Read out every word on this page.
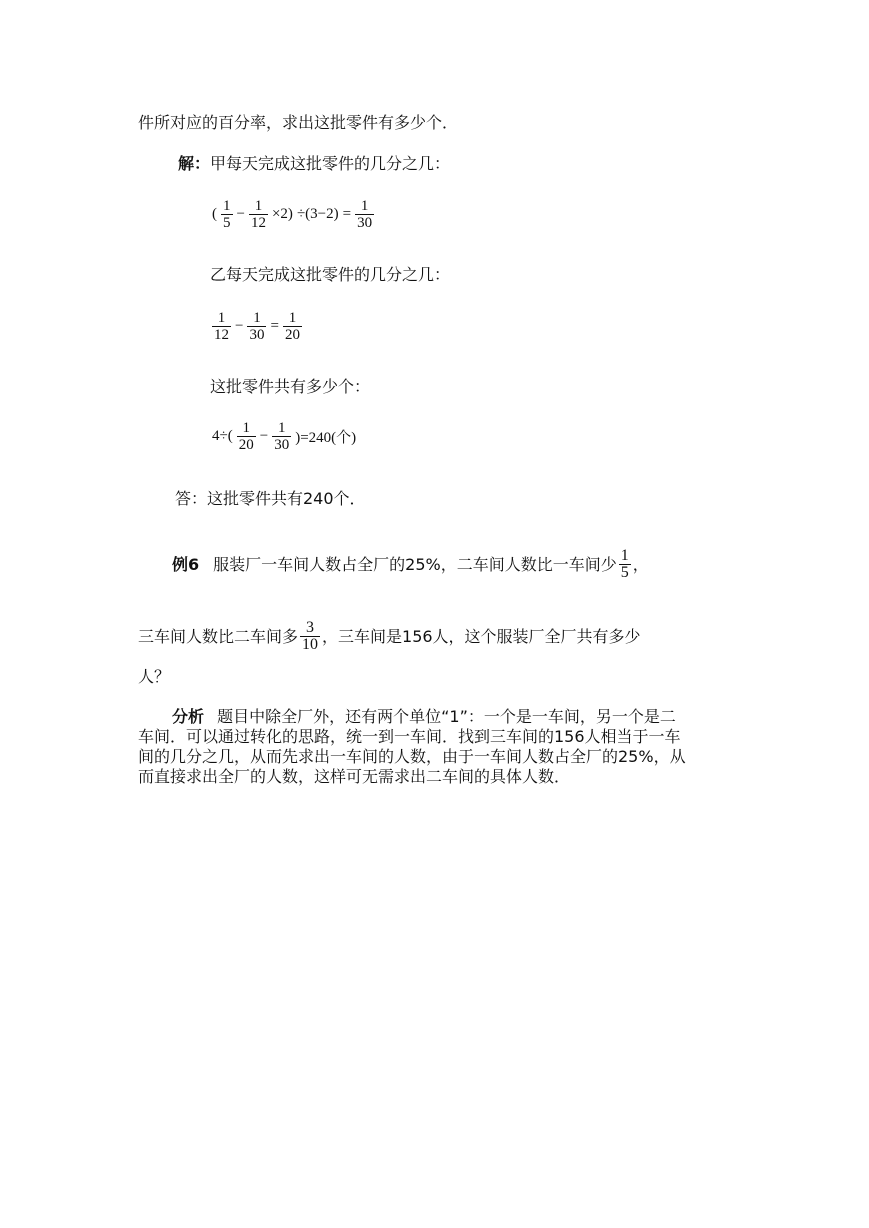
件所对应的百分率，求出这批零件有多少个．
解：甲每天完成这批零件的几分之几：
( $\frac{1}{5} - \frac{1}{12} \times 2) \div(3-2) = \frac{1}{30}$
乙每天完成这批零件的几分之几：
$\frac{1}{12} - \frac{1}{30} = \frac{1}{20}$
这批零件共有多少个：
$4\div( \frac{1}{20} - \frac{1}{30} )=240$(个)
答：这批零件共有240个．
例6 服装厂一车间人数占全厂的25%，二车间人数比一车间少 $\frac{1}{5}$ ，
三车间人数比二车间多 $\frac{3}{10}$ ，三车间是156人，这个服装厂全厂共有多少
人？
分析 题目中除全厂外，还有两个单位“1”：一个是一车间，另一个是二
车间．可以通过转化的思路，统一到一车间．找到三车间的156人相当于一车
间的几分之几，从而先求出一车间的人数，由于一车间人数占全厂的25%，从
而直接求出全厂的人数，这样可无需求出二车间的具体人数．
